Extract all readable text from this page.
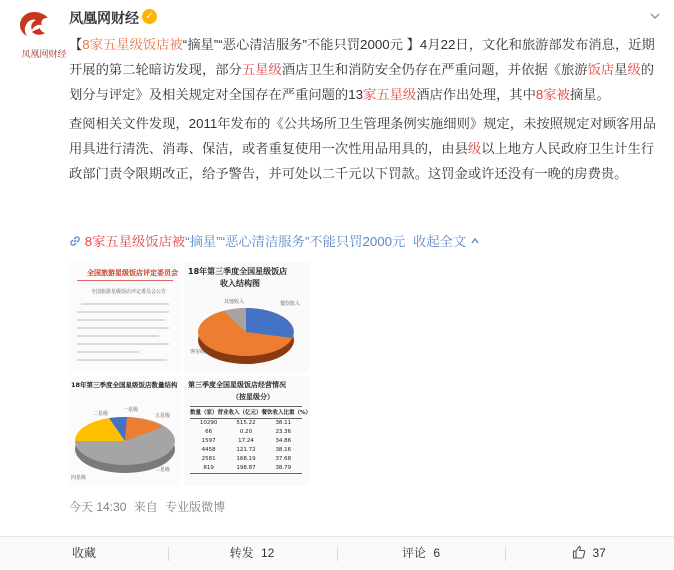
凤凰网财经
凤凰网财经 ✓

【8家五星级饭店被“摘星”“恶心清洁服务”不能只罚2000元 】4月22日，文化和旅游部发布消息，近期开展的第二轮暗访发现，部分五星级酒店卫生和消防安全仍存在严重问题，并依据《旅游饭店星级的划分与评定》及相关规定对全国存在严重问题的13家五星级酒店作出处理，其中8家被摘星。

查阅相关文件发现，2011年发布的《公共场所卫生管理条例实施细则》规定，未按照规定对顾客用品用具进行清洗、消毒、保洁，或者重复使用一次性用品用具的，由县级以上地方人民政府卫生计生行政部门责令限期改正，给予警告，并可处以二千元以下罚款。这罚金或许还没有一晚的房费贵。

8家五星级饭店被“摘星”“恶心清洁服务”不能只罚2000元 收起全文
全国旅游星级饭店评定委员会
全国旅游星级饭店评定委员会公告
18年第三季度全国星级饭店
收入结构图
其他收入	餐饮收入
客房收入
18年第三季度全国星级饭店数量结构
二星级
一星级
五星级
四星级
三星级
第三季度全国星级饭店经营情况
（按星级分）
数量（家） 营业收入（亿元） 餐饮收入比重（%）
10290	515.22	38.11
66	0.20	23.36
1597	17.24	34.86
4458	121.72	38.16
2581	168.19	37.68
819	198.87	38.79
今天 14:30 来自 专业版微博
收藏	转发 12	评论 6	37
